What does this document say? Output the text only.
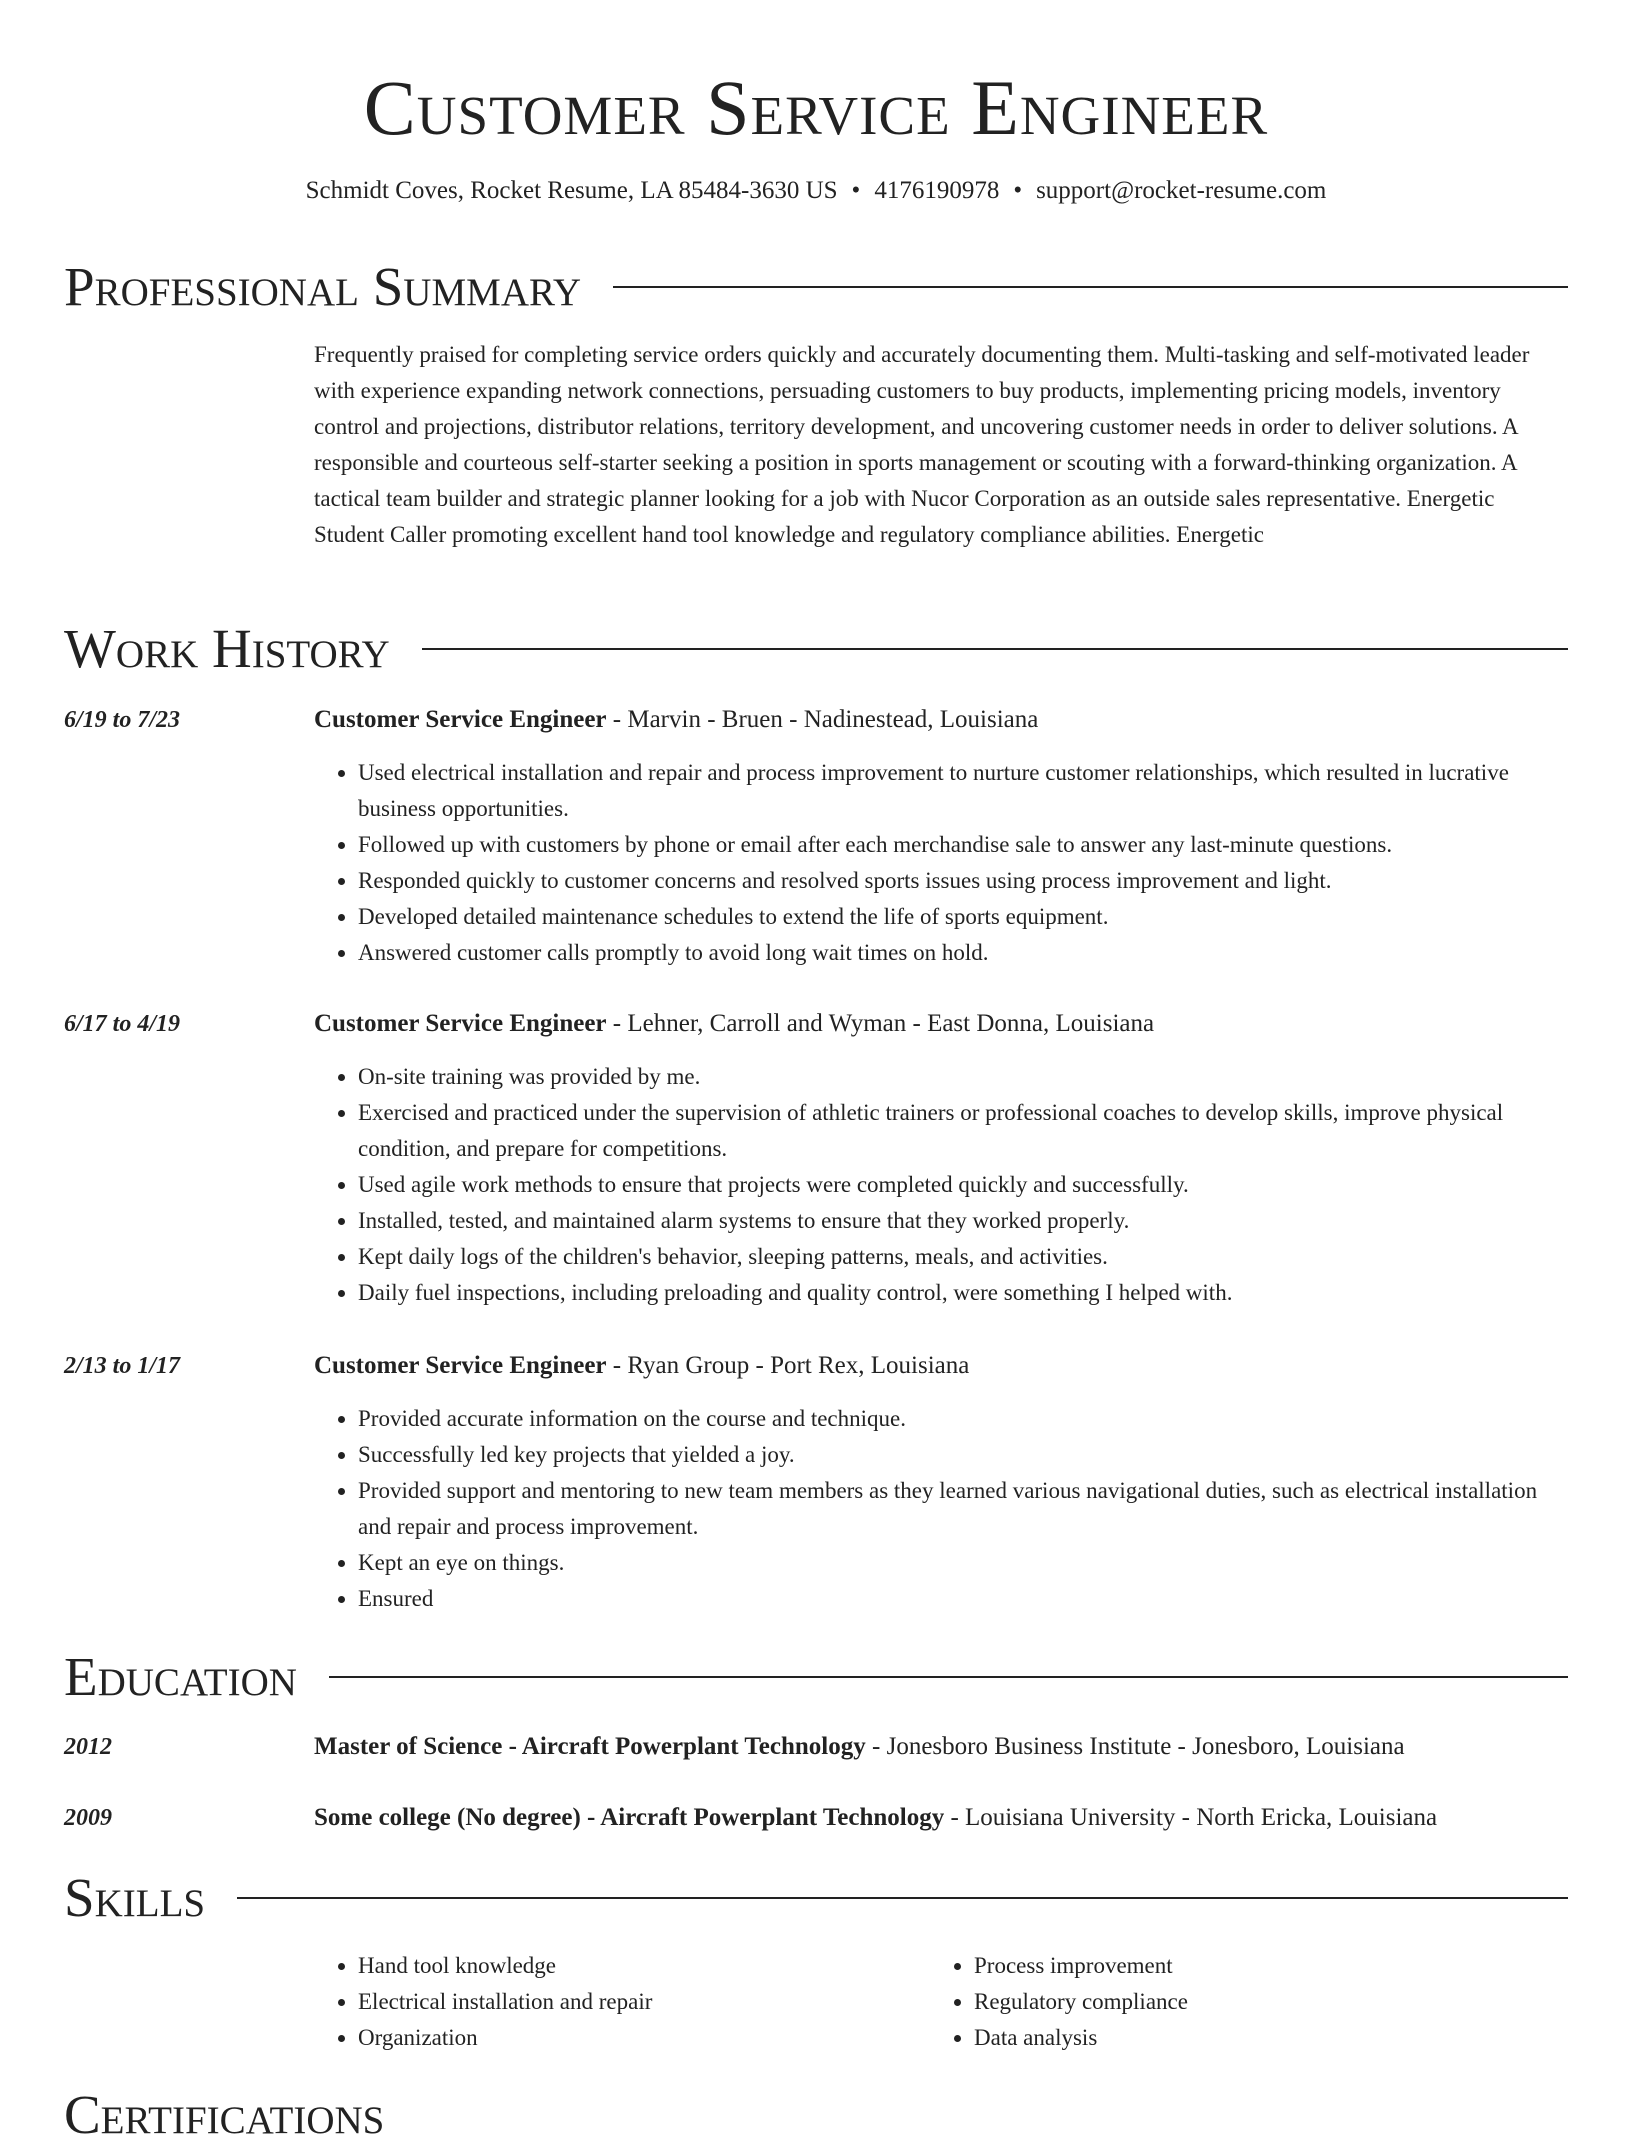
Customer Service Engineer
Schmidt Coves, Rocket Resume, LA 85484-3630 US • 4176190978 • support@rocket-resume.com
Professional Summary
Frequently praised for completing service orders quickly and accurately documenting them. Multi-tasking and self-motivated leader with experience expanding network connections, persuading customers to buy products, implementing pricing models, inventory control and projections, distributor relations, territory development, and uncovering customer needs in order to deliver solutions. A responsible and courteous self-starter seeking a position in sports management or scouting with a forward-thinking organization. A tactical team builder and strategic planner looking for a job with Nucor Corporation as an outside sales representative. Energetic Student Caller promoting excellent hand tool knowledge and regulatory compliance abilities. Energetic
Work History
6/19 to 7/23	Customer Service Engineer - Marvin - Bruen - Nadinestead, Louisiana
• Used electrical installation and repair and process improvement to nurture customer relationships, which resulted in lucrative business opportunities.
• Followed up with customers by phone or email after each merchandise sale to answer any last-minute questions.
• Responded quickly to customer concerns and resolved sports issues using process improvement and light.
• Developed detailed maintenance schedules to extend the life of sports equipment.
• Answered customer calls promptly to avoid long wait times on hold.
6/17 to 4/19	Customer Service Engineer - Lehner, Carroll and Wyman - East Donna, Louisiana
• On-site training was provided by me.
• Exercised and practiced under the supervision of athletic trainers or professional coaches to develop skills, improve physical condition, and prepare for competitions.
• Used agile work methods to ensure that projects were completed quickly and successfully.
• Installed, tested, and maintained alarm systems to ensure that they worked properly.
• Kept daily logs of the children's behavior, sleeping patterns, meals, and activities.
• Daily fuel inspections, including preloading and quality control, were something I helped with.
2/13 to 1/17	Customer Service Engineer - Ryan Group - Port Rex, Louisiana
• Provided accurate information on the course and technique.
• Successfully led key projects that yielded a joy.
• Provided support and mentoring to new team members as they learned various navigational duties, such as electrical installation and repair and process improvement.
• Kept an eye on things.
• Ensured
Education
2012	Master of Science - Aircraft Powerplant Technology - Jonesboro Business Institute - Jonesboro, Louisiana
2009	Some college (No degree) - Aircraft Powerplant Technology - Louisiana University - North Ericka, Louisiana
Skills
• Hand tool knowledge
• Electrical installation and repair
• Organization
• Process improvement
• Regulatory compliance
• Data analysis
Certifications
